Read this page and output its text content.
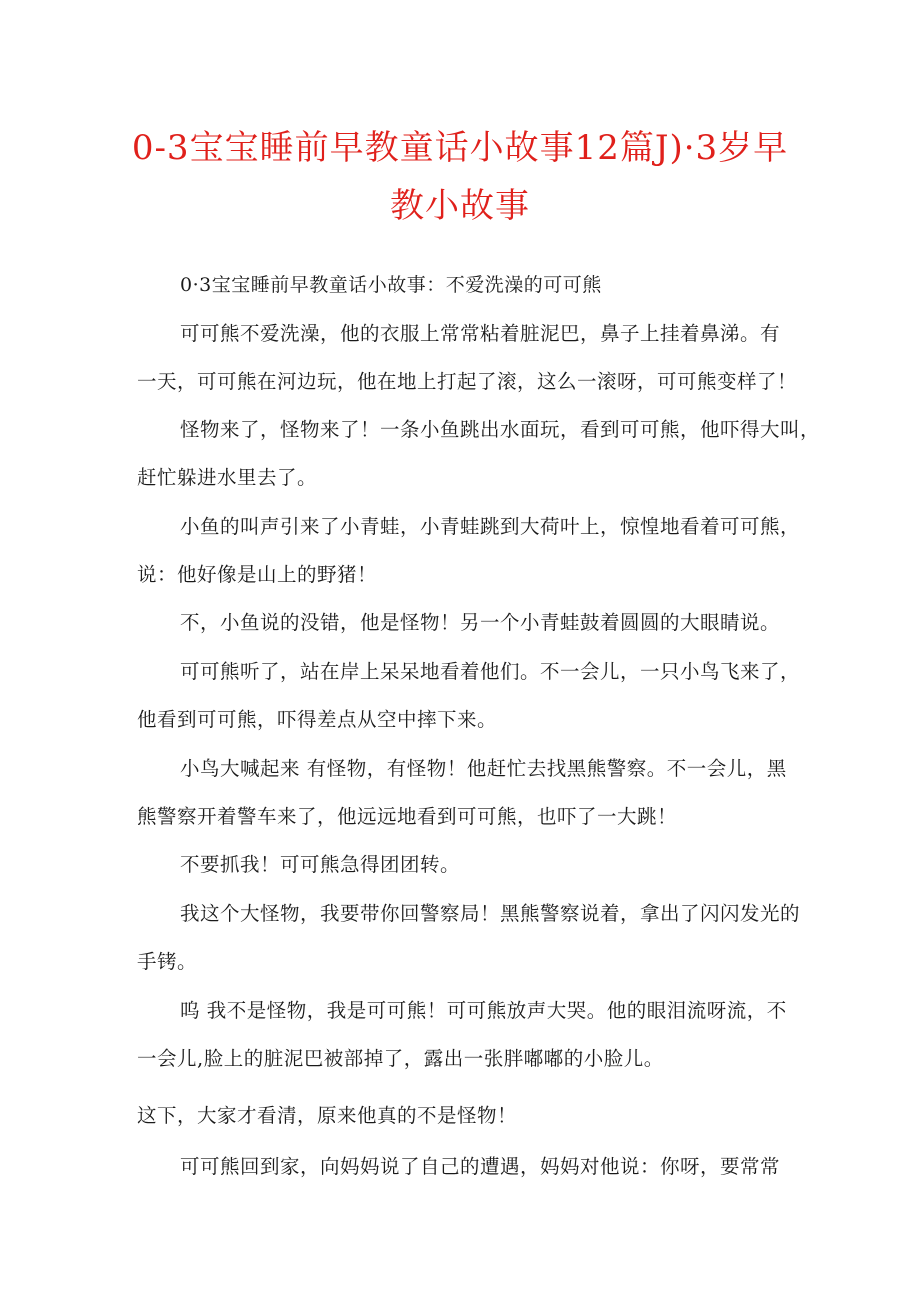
0-3宝宝睡前早教童话小故事12篇J)·3岁早
教小故事
0·3宝宝睡前早教童话小故事：不爱洗澡的可可熊
可可熊不爱洗澡，他的衣服上常常粘着脏泥巴，鼻子上挂着鼻涕。有
一天，可可熊在河边玩，他在地上打起了滚，这么一滚呀，可可熊变样了！
怪物来了，怪物来了！一条小鱼跳出水面玩，看到可可熊，他吓得大叫，
赶忙躲进水里去了。
小鱼的叫声引来了小青蛙，小青蛙跳到大荷叶上，惊惶地看着可可熊，
说：他好像是山上的野猪！
不，小鱼说的没错，他是怪物！另一个小青蛙鼓着圆圆的大眼睛说。
可可熊听了，站在岸上呆呆地看着他们。不一会儿，一只小鸟飞来了，
他看到可可熊，吓得差点从空中摔下来。
小鸟大喊起来 有怪物，有怪物！他赶忙去找黑熊警察。不一会儿，黑
熊警察开着警车来了，他远远地看到可可熊，也吓了一大跳！
不要抓我！可可熊急得团团转。
我这个大怪物，我要带你回警察局！黑熊警察说着，拿出了闪闪发光的
手铐。
呜 我不是怪物，我是可可熊！可可熊放声大哭。他的眼泪流呀流，不
一会儿,脸上的脏泥巴被部掉了，露出一张胖嘟嘟的小脸儿。
这下，大家才看清，原来他真的不是怪物！
可可熊回到家，向妈妈说了自己的遭遇，妈妈对他说：你呀，要常常
